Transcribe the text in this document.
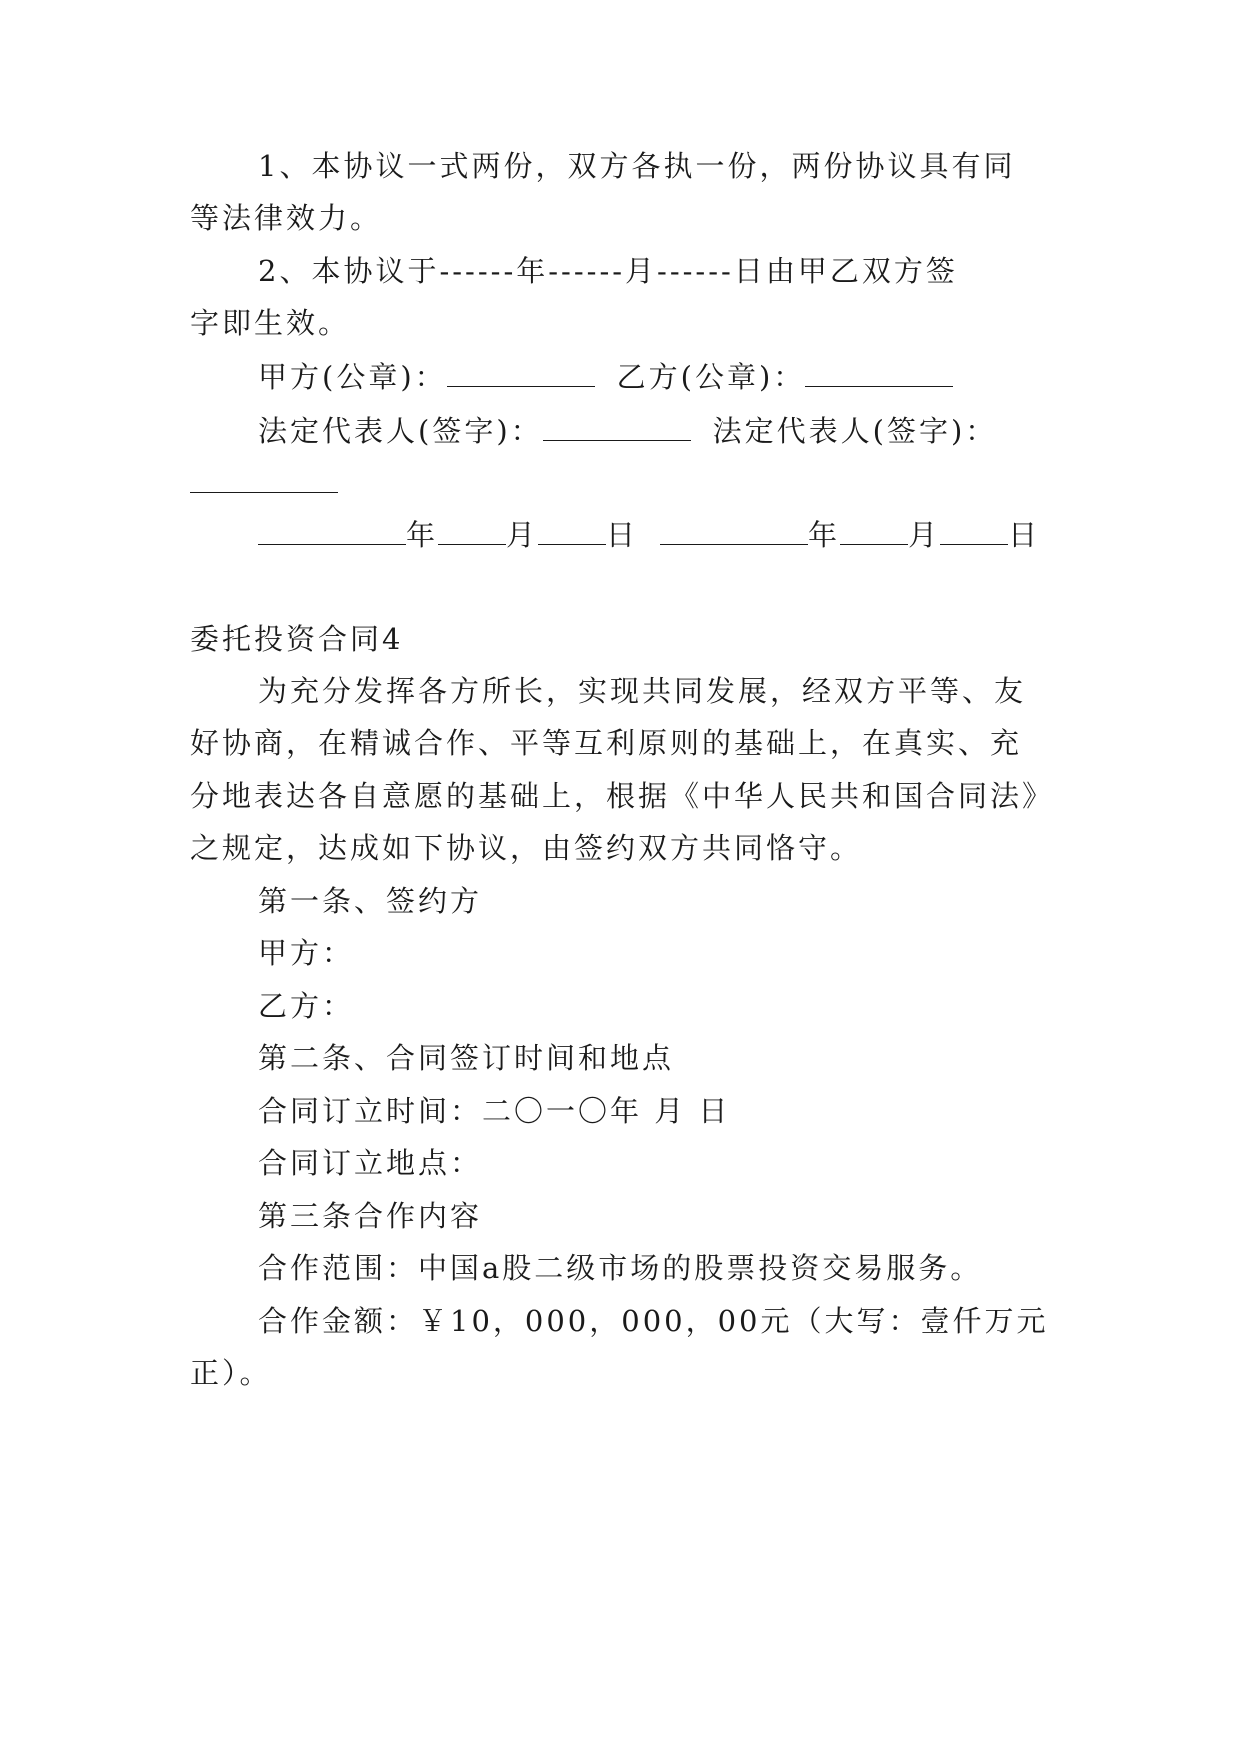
1、本协议一式两份，双方各执一份，两份协议具有同
等法律效力。
2、本协议于------年------月------日由甲乙双方签
字即生效。
甲方(公章)：	乙方(公章)：
法定代表人(签字)：	法定代表人(签字)：
年 月 日	年 月 日
委托投资合同4
为充分发挥各方所长，实现共同发展，经双方平等、友
好协商，在精诚合作、平等互利原则的基础上，在真实、充
分地表达各自意愿的基础上，根据《中华人民共和国合同法》
之规定，达成如下协议，由签约双方共同恪守。
第一条、签约方
甲方：
乙方：
第二条、合同签订时间和地点
合同订立时间：二〇一〇年 月 日
合同订立地点：
第三条合作内容
合作范围：中国a股二级市场的股票投资交易服务。
合作金额：￥10，000，000，00元（大写：壹仟万元
正）。
